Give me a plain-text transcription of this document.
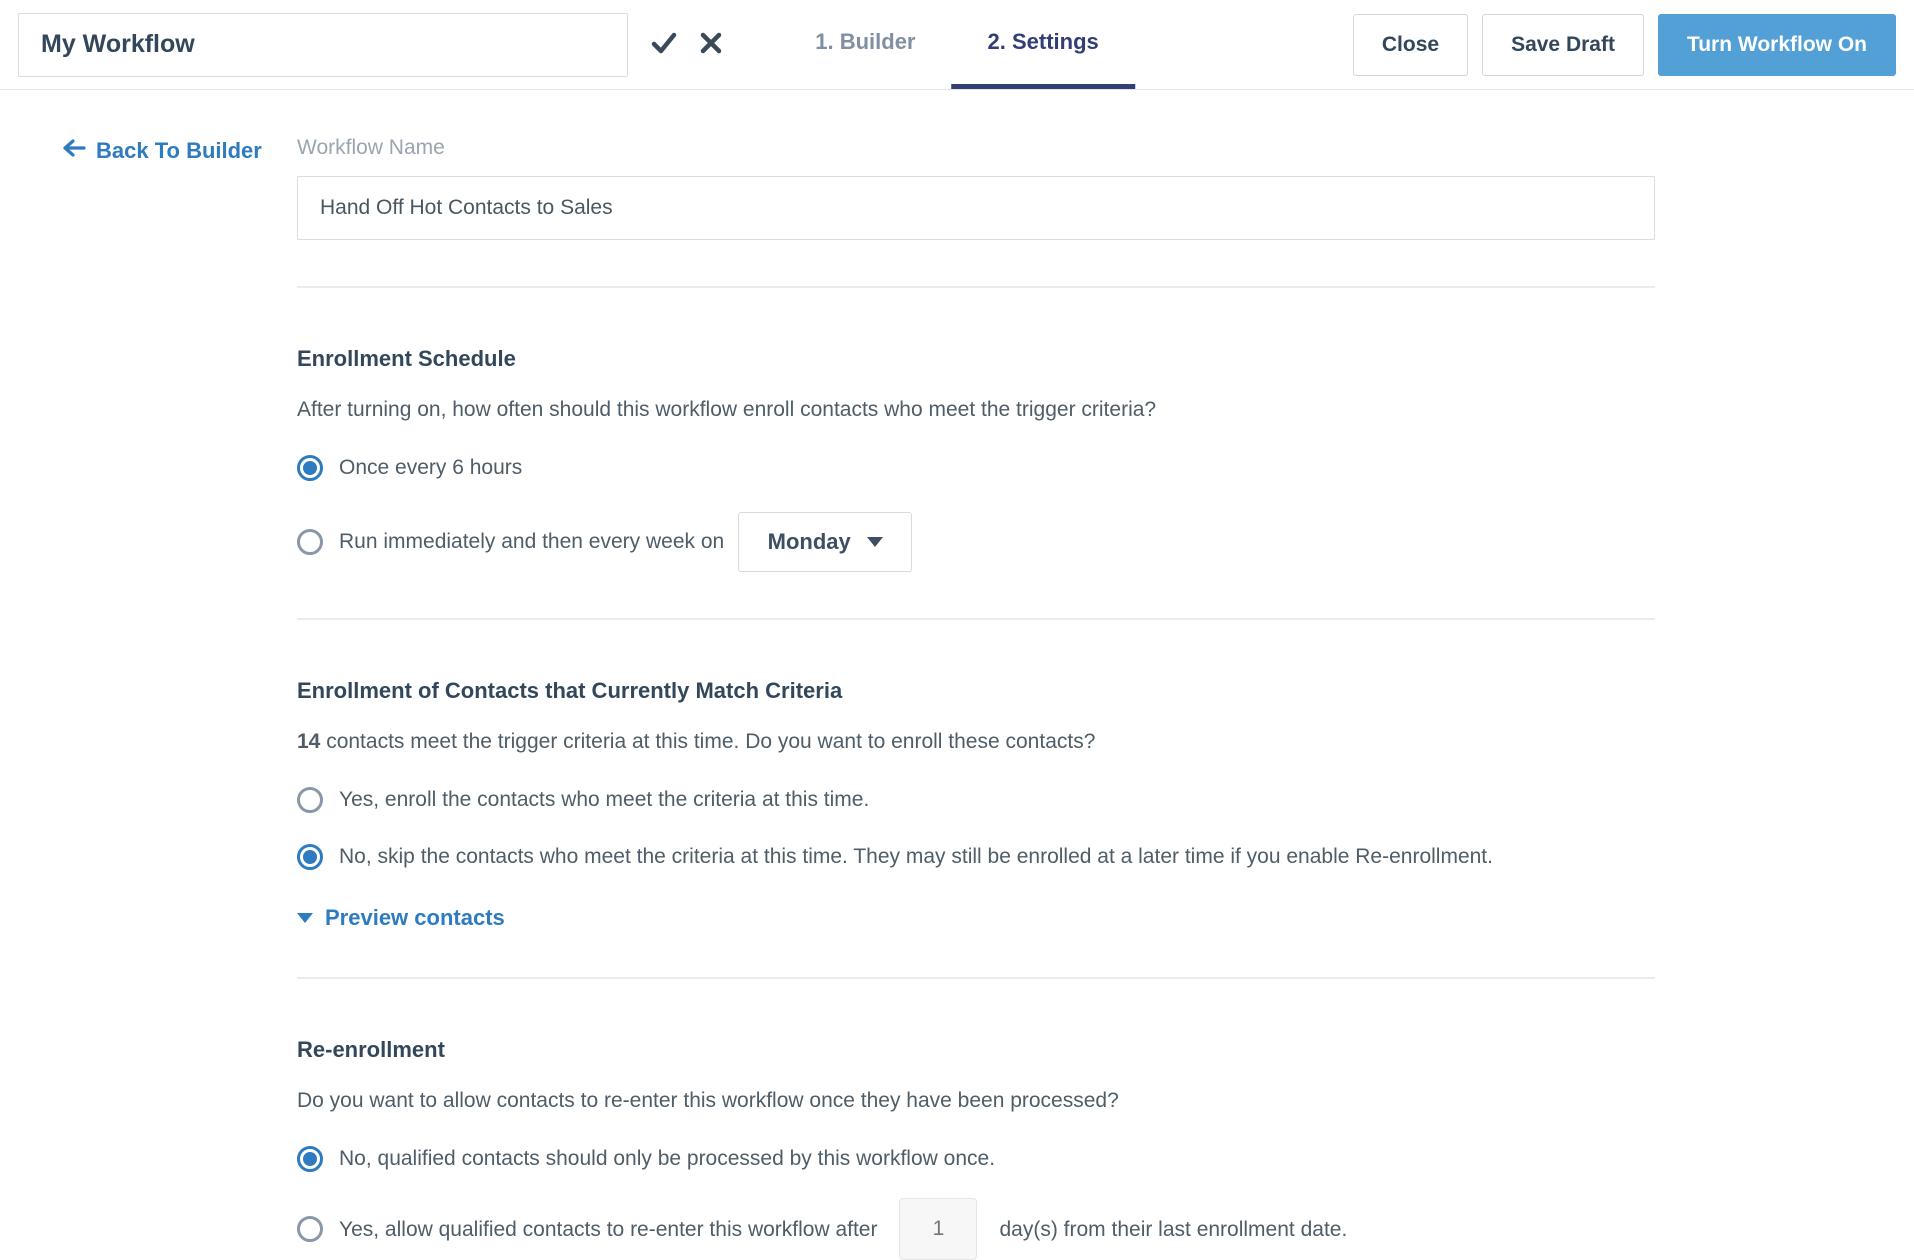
My Workflow
1. Builder	2. Settings	Close	Save Draft	Turn Workflow On
Back To Builder Workflow Name
Hand Off Hot Contacts to Sales
Enrollment Schedule

After turning on, how often should this workflow enroll contacts who meet the trigger criteria?

Once every 6 hours
Run immediately and then every week on Monday
Enrollment of Contacts that Currently Match Criteria

14 contacts meet the trigger criteria at this time. Do you want to enroll these contacts?

Yes, enroll the contacts who meet the criteria at this time.
No, skip the contacts who meet the criteria at this time. They may still be enrolled at a later time if you enable Re-enrollment.
Preview contacts
Re-enrollment

Do you want to allow contacts to re-enter this workflow once they have been processed?

No, qualified contacts should only be processed by this workflow once.
Yes, allow qualified contacts to re-enter this workflow after
1	day(s) from their last enrollment date.
